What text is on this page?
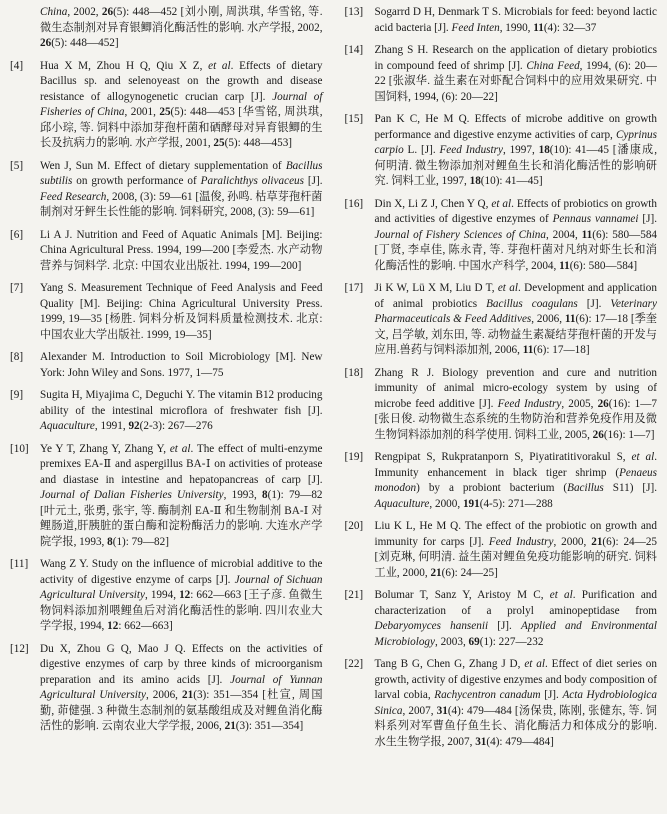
China, 2002, 26(5): 448—452 [刘小刚, 周洪琪, 华雪铭, 等. 微生态制剂对异育银鲫消化酶活性的影响. 水产学报, 2002, 26(5): 448—452]
[4]	Hua X M, Zhou H Q, Qiu X Z, et al. Effects of dietary Bacillus sp. and selenoyeast on the growth and disease resistance of allogynogenetic crucian carp [J]. Journal of Fisheries of China, 2001, 25(5): 448—453 [华雪铭, 周洪琪, 邱小琮, 等. 饲料中添加芽孢杆菌和硒酵母对异育银鲫的生长及抗病力的影响. 水产学报, 2001, 25(5): 448—453]
[5]	Wen J, Sun M. Effect of dietary supplementation of Bacillus subtilis on growth performance of Paralichthys olivaceus [J]. Feed Research, 2008, (3): 59—61 [温俊, 孙鸣. 枯草芽孢杆菌制剂对牙鲆生长性能的影响. 饲料研究, 2008, (3): 59—61]
[6]	Li A J. Nutrition and Feed of Aquatic Animals [M]. Beijing: China Agricultural Press. 1994, 199—200 [李爱杰. 水产动物营养与饲料学. 北京: 中国农业出版社. 1994, 199—200]
[7]	Yang S. Measurement Technique of Feed Analysis and Feed Quality [M]. Beijing: China Agricultural University Press. 1999, 19—35 [杨胜. 饲料分析及饲料质量检测技术. 北京: 中国农业大学出版社. 1999, 19—35]
[8]	Alexander M. Introduction to Soil Microbiology [M]. New York: John Wiley and Sons. 1977, 1—75
[9]	Sugita H, Miyajima C, Deguchi Y. The vitamin B12 producing ability of the intestinal microflora of freshwater fish [J]. Aquaculture, 1991, 92(2-3): 267—276
[10]	Ye Y T, Zhang Y, Zhang Y, et al. The effect of multi-enzyme premixes EA-Ⅱ and aspergillus BA-Ⅰ on activities of protease and diastase in intestine and hepatopancreas of carp [J]. Journal of Dalian Fisheries University, 1993, 8(1): 79—82 [叶元土, 张勇, 张宇, 等. 酶制剂 EA-Ⅱ 和生物制剂 BA-Ⅰ 对鲤肠道,肝胰脏的蛋白酶和淀粉酶活力的影响. 大连水产学院学报, 1993, 8(1): 79—82]
[11]	Wang Z Y. Study on the influence of microbial additive to the activity of digestive enzyme of carps [J]. Journal of Sichuan Agricultural University, 1994, 12: 662—663 [王子彦. 鱼微生物饲料添加剂喂鲤鱼后对消化酶活性的影响. 四川农业大学学报, 1994, 12: 662—663]
[12]	Du X, Zhou G Q, Mao J Q. Effects on the activities of digestive enzymes of carp by three kinds of microorganism preparation and its amino acids [J]. Journal of Yunnan Agricultural University, 2006, 21(3): 351—354 [杜宣, 周国勤, 茆健强. 3 种微生态制剂的氨基酸组成及对鲤鱼消化酶活性的影响. 云南农业大学学报, 2006, 21(3): 351—354]
[13]	Sogarrd D H, Denmark T S. Microbials for feed: beyond lactic acid bacteria [J]. Feed Inten, 1990, 11(4): 32—37
[14]	Zhang S H. Research on the application of dietary probiotics in compound feed of shrimp [J]. China Feed, 1994, (6): 20—22 [张淑华. 益生素在对虾配合饲料中的应用效果研究. 中国饲料, 1994, (6): 20—22]
[15]	Pan K C, He M Q. Effects of microbe additive on growth performance and digestive enzyme activities of carp, Cyprinus carpio L. [J]. Feed Industry, 1997, 18(10): 41—45 [潘康成, 何明清. 微生物添加剂对鲤鱼生长和消化酶活性的影响研究. 饲料工业, 1997, 18(10): 41—45]
[16]	Din X, Li Z J, Chen Y Q, et al. Effects of probiotics on growth and activities of digestive enzymes of Pennaus vannamei [J]. Journal of Fishery Sciences of China, 2004, 11(6): 580—584 [丁贤, 李卓佳, 陈永青, 等. 芽孢杆菌对凡纳对虾生长和消化酶活性的影响. 中国水产科学, 2004, 11(6): 580—584]
[17]	Ji K W, Lü X M, Liu D T, et al. Development and application of animal probiotics Bacillus coagulans [J]. Veterinary Pharmaceuticals & Feed Additives, 2006, 11(6): 17—18 [季奎文, 吕学敏, 刘东田, 等. 动物益生素凝结芽孢杆菌的开发与应用.兽药与饲料添加剂, 2006, 11(6): 17—18]
[18]	Zhang R J. Biology prevention and cure and nutrition immunity of animal micro-ecology system by using of microbe feed additive [J]. Feed Industry, 2005, 26(16): 1—7 [张日俊. 动物微生态系统的生物防治和营养免疫作用及微生物饲料添加剂的科学使用. 饲料工业, 2005, 26(16): 1—7]
[19]	Rengpipat S, Rukpratanporn S, Piyatiratitivorakul S, et al. Immunity enhancement in black tiger shrimp (Penaeus monodon) by a probiont bacterium (Bacillus S11) [J]. Aquaculture, 2000, 191(4-5): 271—288
[20]	Liu K L, He M Q. The effect of the probiotic on growth and immunity for carps [J]. Feed Industry, 2000, 21(6): 24—25 [刘克琳, 何明清. 益生菌对鲤鱼免疫功能影响的研究. 饲料工业, 2000, 21(6): 24—25]
[21]	Bolumar T, Sanz Y, Aristoy M C, et al. Purification and characterization of a prolyl aminopeptidase from Debaryomyces hansenii [J]. Applied and Environmental Microbiology, 2003, 69(1): 227—232
[22]	Tang B G, Chen G, Zhang J D, et al. Effect of diet series on growth, activity of digestive enzymes and body composition of larval cobia, Rachycentron canadum [J]. Acta Hydrobiologica Sinica, 2007, 31(4): 479—484 [汤保贵, 陈刚, 张健东, 等. 饲料系列对军曹鱼仔鱼生长、消化酶活力和体成分的影响. 水生生物学报, 2007, 31(4): 479—484]
